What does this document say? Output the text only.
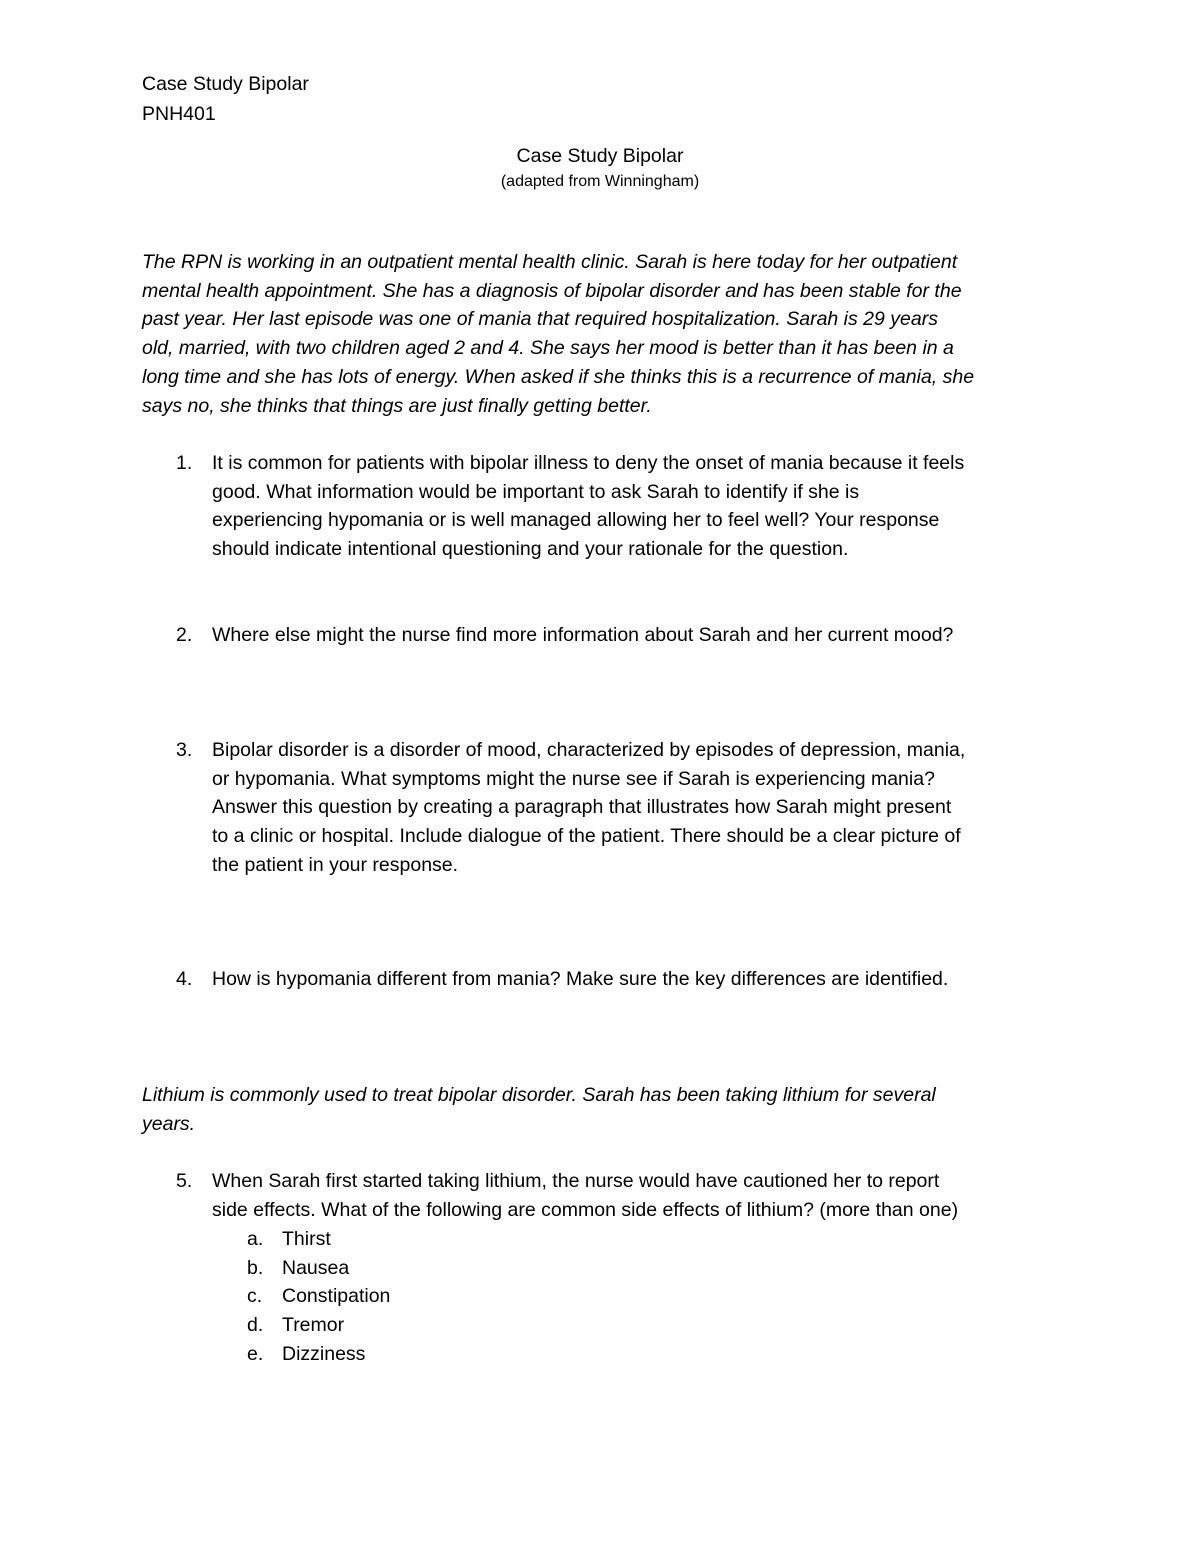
Case Study Bipolar
PNH401
Case Study Bipolar
(adapted from Winningham)
The RPN is working in an outpatient mental health clinic. Sarah is here today for her outpatient
mental health appointment. She has a diagnosis of bipolar disorder and has been stable for the
past year. Her last episode was one of mania that required hospitalization. Sarah is 29 years
old, married, with two children aged 2 and 4. She says her mood is better than it has been in a
long time and she has lots of energy. When asked if she thinks this is a recurrence of mania, she
says no, she thinks that things are just finally getting better.
1. It is common for patients with bipolar illness to deny the onset of mania because it feels
good. What information would be important to ask Sarah to identify if she is
experiencing hypomania or is well managed allowing her to feel well? Your response
should indicate intentional questioning and your rationale for the question.
2. Where else might the nurse find more information about Sarah and her current mood?
3. Bipolar disorder is a disorder of mood, characterized by episodes of depression, mania,
or hypomania. What symptoms might the nurse see if Sarah is experiencing mania?
Answer this question by creating a paragraph that illustrates how Sarah might present
to a clinic or hospital. Include dialogue of the patient. There should be a clear picture of
the patient in your response.
4. How is hypomania different from mania? Make sure the key differences are identified.
Lithium is commonly used to treat bipolar disorder. Sarah has been taking lithium for several
years.
5. When Sarah first started taking lithium, the nurse would have cautioned her to report
side effects. What of the following are common side effects of lithium? (more than one)
a. Thirst
b. Nausea
c. Constipation
d. Tremor
e. Dizziness
